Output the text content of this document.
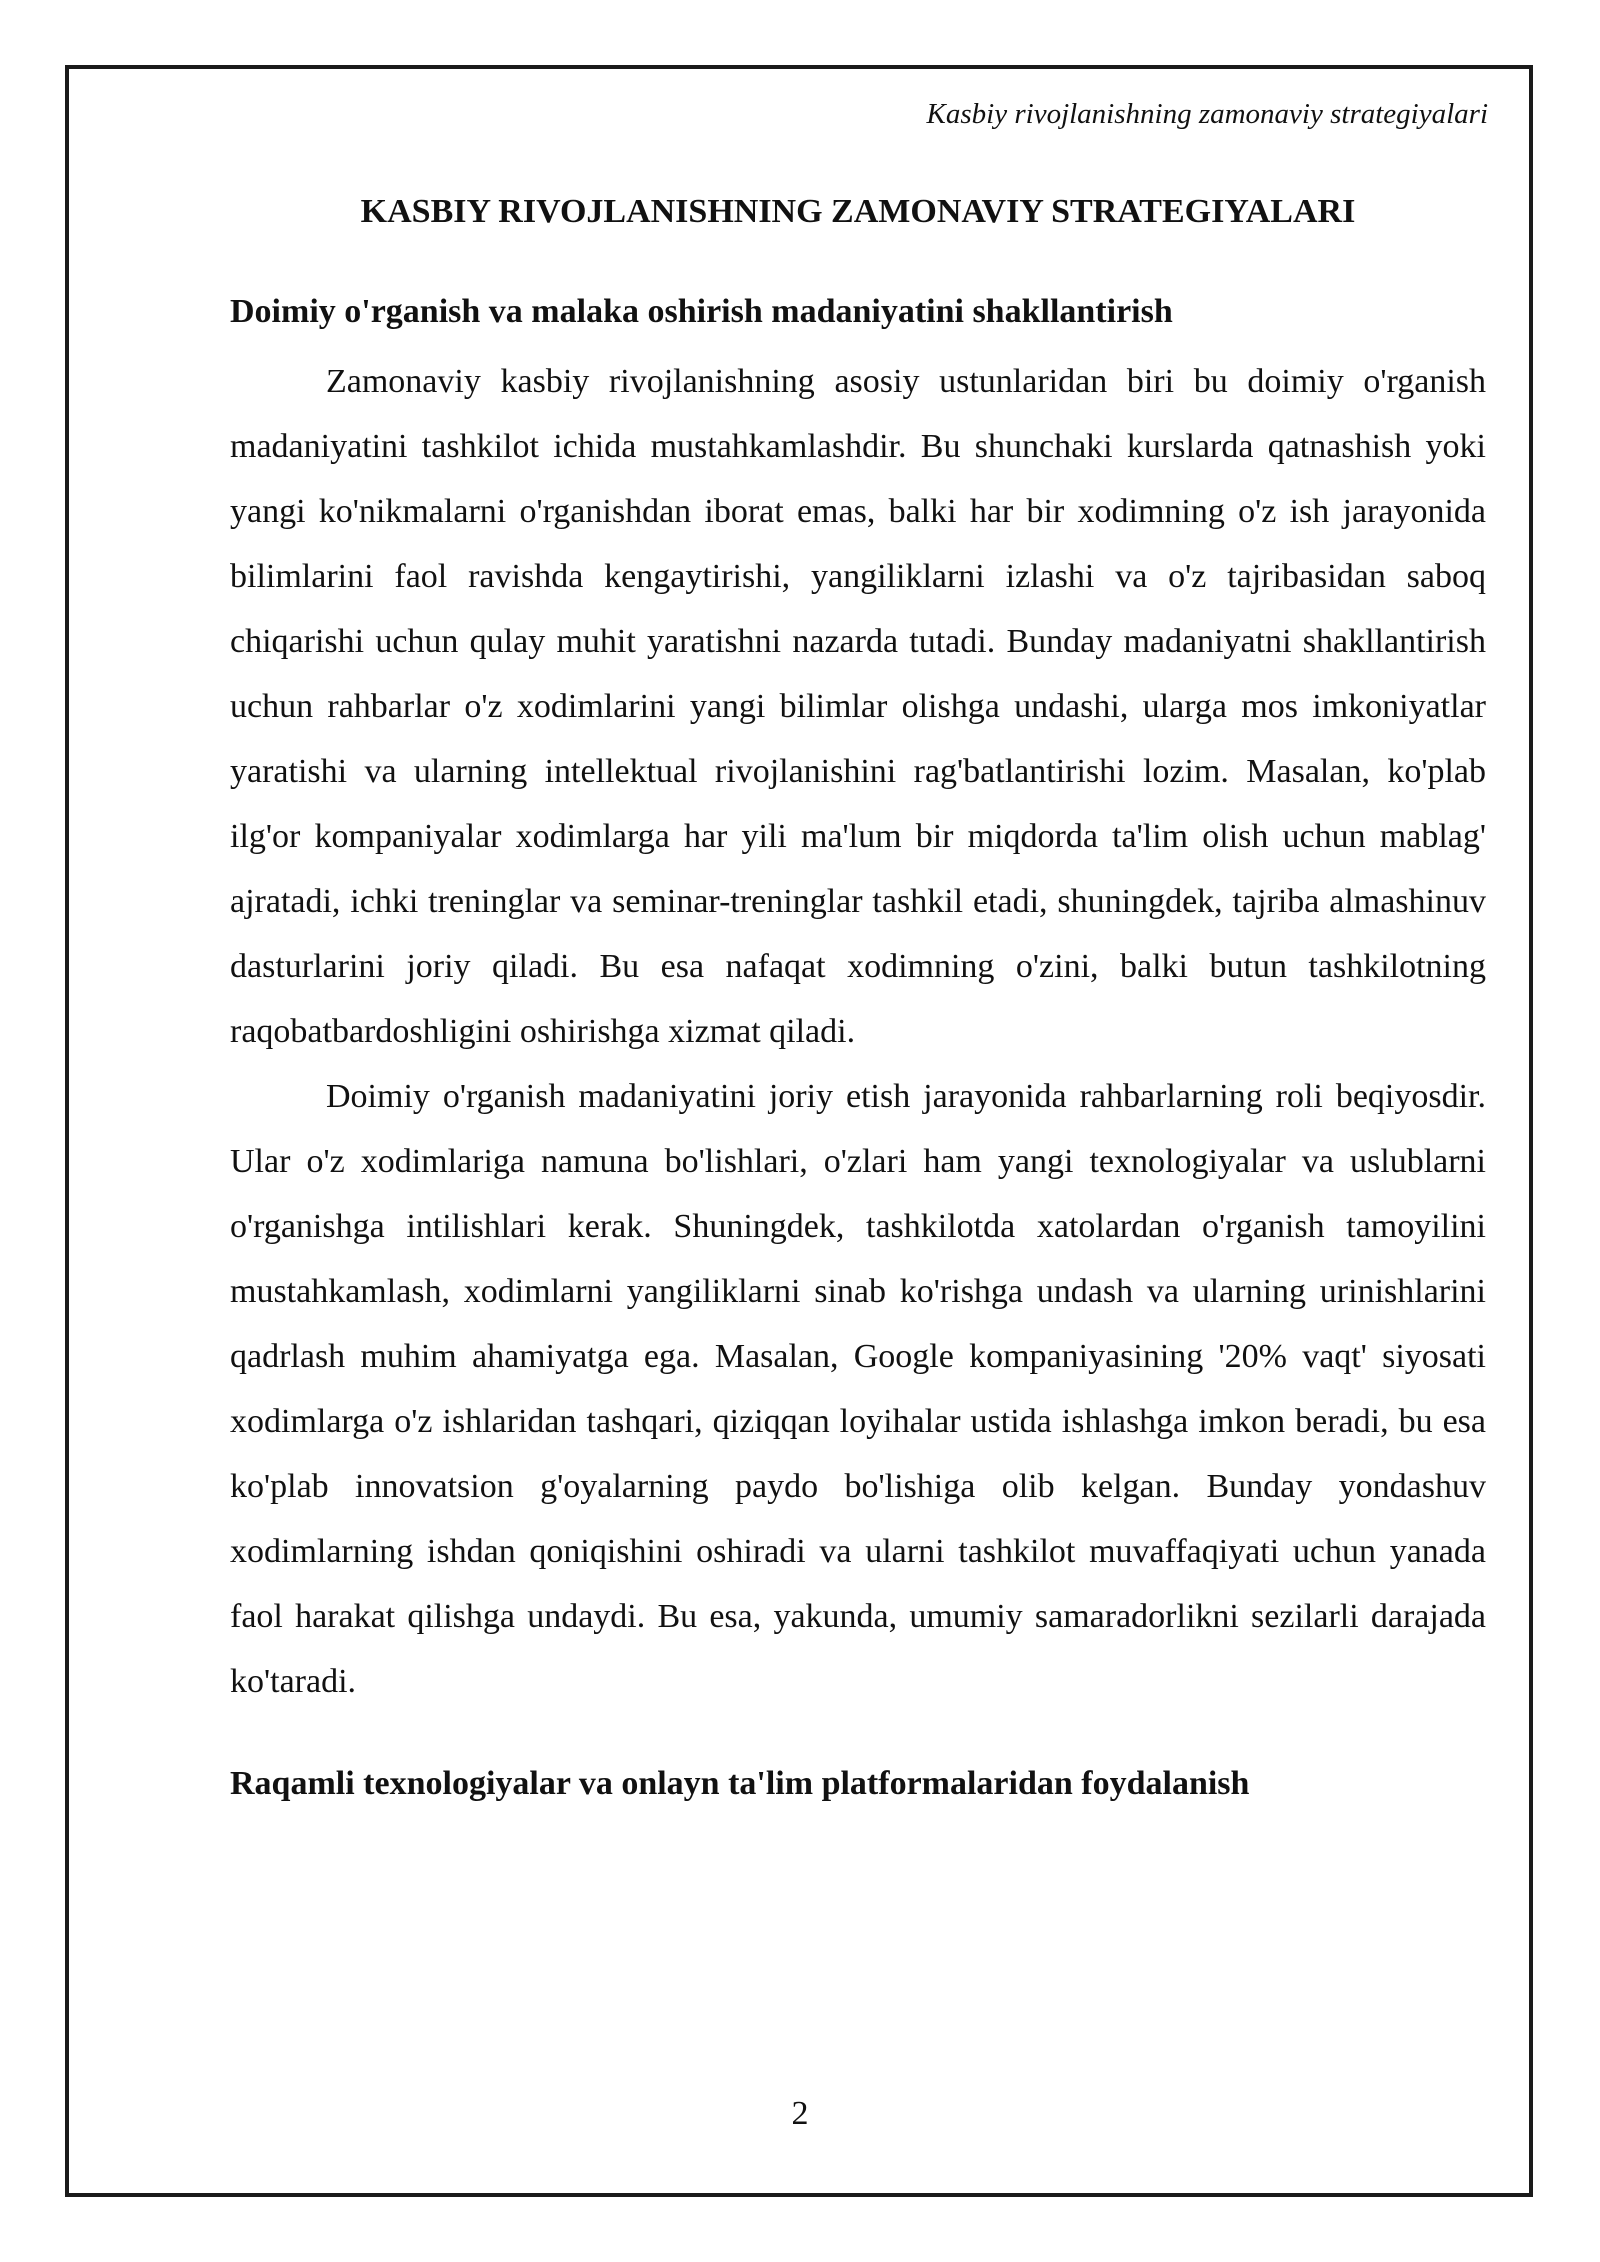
Kasbiy rivojlanishning zamonaviy strategiyalari
KASBIY RIVOJLANISHNING ZAMONAVIY STRATEGIYALARI
Doimiy o'rganish va malaka oshirish madaniyatini shakllantirish

Zamonaviy kasbiy rivojlanishning asosiy ustunlaridan biri bu doimiy o'rganish madaniyatini tashkilot ichida mustahkamlashdir. Bu shunchaki kurslarda qatnashish yoki yangi ko'nikmalarni o'rganishdan iborat emas, balki har bir xodimning o'z ish jarayonida bilimlarini faol ravishda kengaytirishi, yangiliklarni izlashi va o'z tajribasidan saboq chiqarishi uchun qulay muhit yaratishni nazarda tutadi. Bunday madaniyatni shakllantirish uchun rahbarlar o'z xodimlarini yangi bilimlar olishga undashi, ularga mos imkoniyatlar yaratishi va ularning intellektual rivojlanishini rag'batlantirishi lozim. Masalan, ko'plab ilg'or kompaniyalar xodimlarga har yili ma'lum bir miqdorda ta'lim olish uchun mablag' ajratadi, ichki treninglar va seminar-treninglar tashkil etadi, shuningdek, tajriba almashinuv dasturlarini joriy qiladi. Bu esa nafaqat xodimning o'zini, balki butun tashkilotning raqobatbardoshligini oshirishga xizmat qiladi.

Doimiy o'rganish madaniyatini joriy etish jarayonida rahbarlarning roli beqiyosdir. Ular o'z xodimlariga namuna bo'lishlari, o'zlari ham yangi texnologiyalar va uslublarni o'rganishga intilishlari kerak. Shuningdek, tashkilotda xatolardan o'rganish tamoyilini mustahkamlash, xodimlarni yangiliklarni sinab ko'rishga undash va ularning urinishlarini qadrlash muhim ahamiyatga ega. Masalan, Google kompaniyasining '20% vaqt' siyosati xodimlarga o'z ishlaridan tashqari, qiziqqan loyihalar ustida ishlashga imkon beradi, bu esa ko'plab innovatsion g'oyalarning paydo bo'lishiga olib kelgan. Bunday yondashuv xodimlarning ishdan qoniqishini oshiradi va ularni tashkilot muvaffaqiyati uchun yanada faol harakat qilishga undaydi. Bu esa, yakunda, umumiy samaradorlikni sezilarli darajada ko'taradi.

Raqamli texnologiyalar va onlayn ta'lim platformalaridan foydalanish
2
